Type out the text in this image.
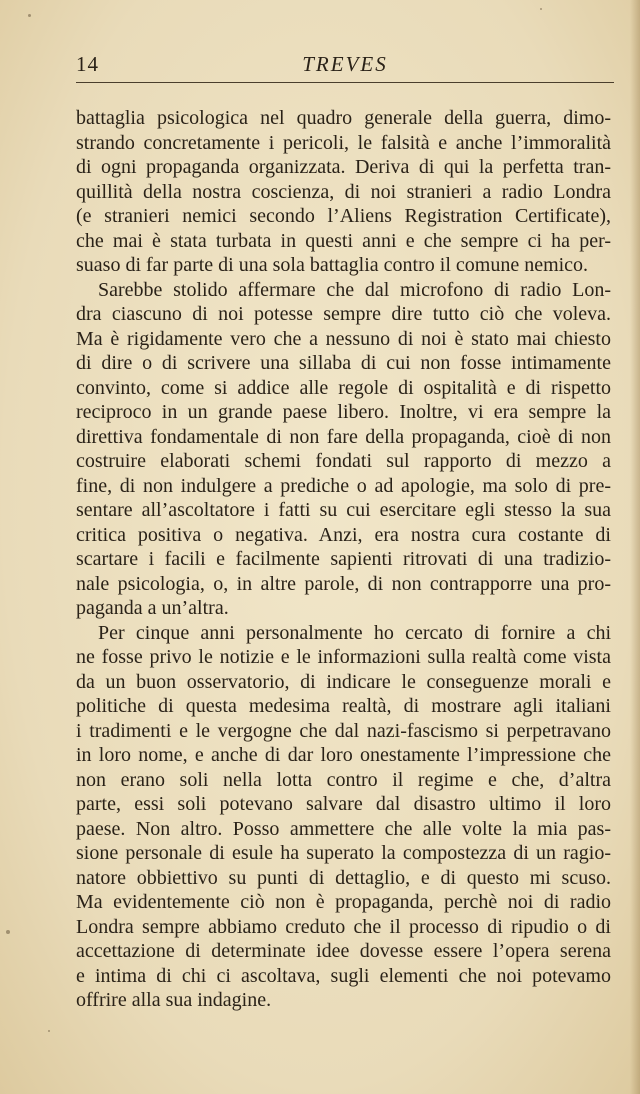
14	TREVES
battaglia psicologica nel quadro generale della guerra, dimo-
strando concretamente i pericoli, le falsità e anche l’immoralità
di ogni propaganda organizzata. Deriva di qui la perfetta tran-
quillità della nostra coscienza, di noi stranieri a radio Londra
(e stranieri nemici secondo l’Aliens Registration Certificate),
che mai è stata turbata in questi anni e che sempre ci ha per-
suaso di far parte di una sola battaglia contro il comune nemico.
Sarebbe stolido affermare che dal microfono di radio Lon-
dra ciascuno di noi potesse sempre dire tutto ciò che voleva.
Ma è rigidamente vero che a nessuno di noi è stato mai chiesto
di dire o di scrivere una sillaba di cui non fosse intimamente
convinto, come si addice alle regole di ospitalità e di rispetto
reciproco in un grande paese libero. Inoltre, vi era sempre la
direttiva fondamentale di non fare della propaganda, cioè di non
costruire elaborati schemi fondati sul rapporto di mezzo a
fine, di non indulgere a prediche o ad apologie, ma solo di pre-
sentare all’ascoltatore i fatti su cui esercitare egli stesso la sua
critica positiva o negativa. Anzi, era nostra cura costante di
scartare i facili e facilmente sapienti ritrovati di una tradizio-
nale psicologia, o, in altre parole, di non contrapporre una pro-
paganda a un’altra.
Per cinque anni personalmente ho cercato di fornire a chi
ne fosse privo le notizie e le informazioni sulla realtà come vista
da un buon osservatorio, di indicare le conseguenze morali e
politiche di questa medesima realtà, di mostrare agli italiani
i tradimenti e le vergogne che dal nazi-fascismo si perpetravano
in loro nome, e anche di dar loro onestamente l’impressione che
non erano soli nella lotta contro il regime e che, d’altra
parte, essi soli potevano salvare dal disastro ultimo il loro
paese. Non altro. Posso ammettere che alle volte la mia pas-
sione personale di esule ha superato la compostezza di un ragio-
natore obbiettivo su punti di dettaglio, e di questo mi scuso.
Ma evidentemente ciò non è propaganda, perchè noi di radio
Londra sempre abbiamo creduto che il processo di ripudio o di
accettazione di determinate idee dovesse essere l’opera serena
e intima di chi ci ascoltava, sugli elementi che noi potevamo
offrire alla sua indagine.
